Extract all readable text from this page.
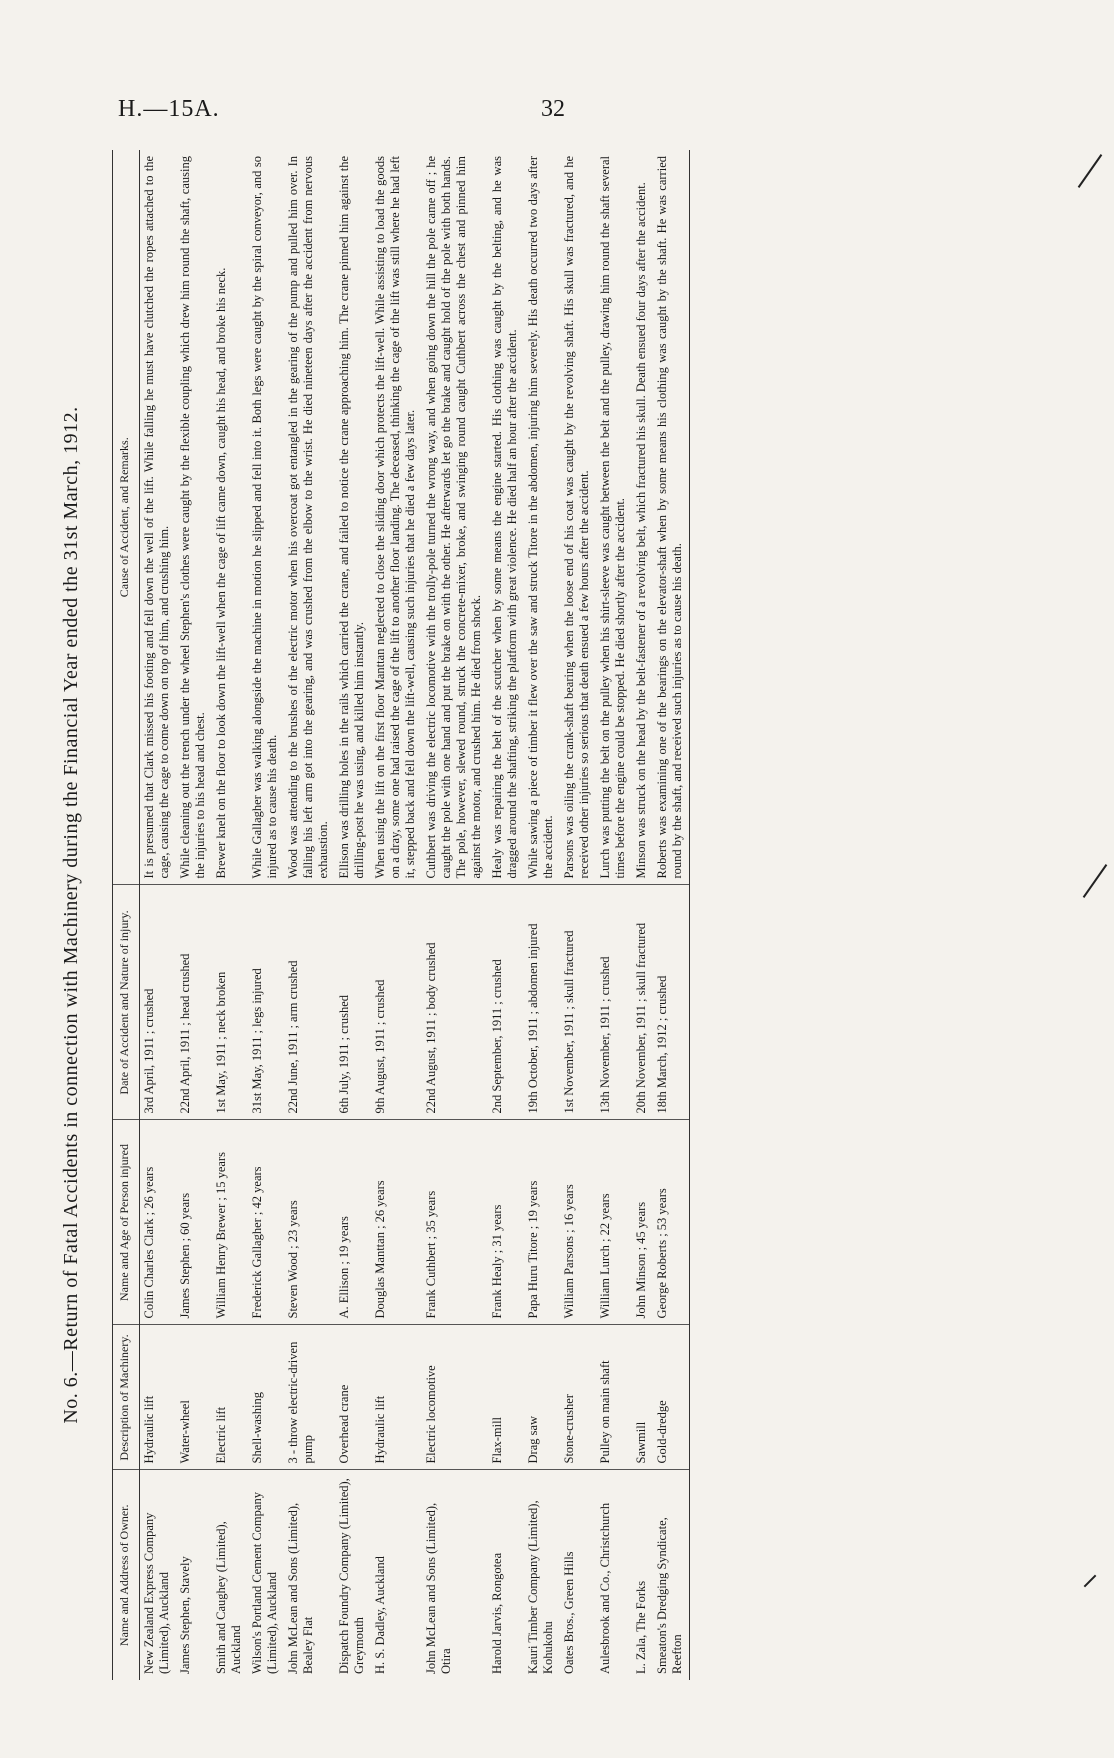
H.—15A.	32
No. 6.—Return of Fatal Accidents in connection with Machinery during the Financial Year ended the 31st March, 1912.
Name and Address of Owner.	Description of Machinery.	Name and Age of Person injured	Date of Accident and Nature of injury.	Cause of Accident, and Remarks.
New Zealand Express Company (Limited), Auckland	Hydraulic lift	Colin Charles Clark ; 26 years	3rd April, 1911 ; crushed	It is presumed that Clark missed his footing and fell down the well of the lift. While falling he must have clutched the ropes attached to the cage, causing the cage to come down on top of him, and crushing him.
James Stephen, Stavely	Water-wheel	James Stephen ; 60 years	22nd April, 1911 ; head crushed	While cleaning out the trench under the wheel Stephen's clothes were caught by the flexible coupling which drew him round the shaft, causing the injuries to his head and chest.
Smith and Caughey (Limited), Auckland	Electric lift	William Henry Brewer ; 15 years	1st May, 1911 ; neck broken	Brewer knelt on the floor to look down the lift-well when the cage of lift came down, caught his head, and broke his neck.
Wilson's Portland Cement Company (Limited), Auckland	Shell-washing	Frederick Gallagher ; 42 years	31st May, 1911 ; legs injured	While Gallagher was walking alongside the machine in motion he slipped and fell into it. Both legs were caught by the spiral conveyor, and so injured as to cause his death.
John McLean and Sons (Limited), Bealey Flat	3 - throw electric-driven pump	Steven Wood ; 23 years	22nd June, 1911 ; arm crushed	Wood was attending to the brushes of the electric motor when his overcoat got entangled in the gearing of the pump and pulled him over. In falling his left arm got into the gearing, and was crushed from the elbow to the wrist. He died nineteen days after the accident from nervous exhaustion.
Dispatch Foundry Company (Limited), Greymouth	Overhead crane	A. Ellison ; 19 years	6th July, 1911 ; crushed	Ellison was drilling holes in the rails which carried the crane, and failed to notice the crane approaching him. The crane pinned him against the drilling-post he was using, and killed him instantly.
H. S. Dadley, Auckland	Hydraulic lift	Douglas Manttan ; 26 years	9th August, 1911 ; crushed	When using the lift on the first floor Manttan neglected to close the sliding door which protects the lift-well. While assisting to load the goods on a dray, some one had raised the cage of the lift to another floor landing. The deceased, thinking the cage of the lift was still where he had left it, stepped back and fell down the lift-well, causing such injuries that he died a few days later.
John McLean and Sons (Limited), Otira	Electric locomotive	Frank Cuthbert ; 35 years	22nd August, 1911 ; body crushed	Cuthbert was driving the electric locomotive with the trolly-pole turned the wrong way, and when going down the hill the pole came off ; he caught the pole with one hand and put the brake on with the other. He afterwards let go the brake and caught hold of the pole with both hands. The pole, however, slewed round, struck the concrete-mixer, broke, and swinging round caught Cuthbert across the chest and pinned him against the motor, and crushed him. He died from shock.
Harold Jarvis, Rongotea	Flax-mill	Frank Healy ; 31 years	2nd September, 1911 ; crushed	Healy was repairing the belt of the scutcher when by some means the engine started. His clothing was caught by the belting, and he was dragged around the shafting, striking the platform with great violence. He died half an hour after the accident.
Kauri Timber Company (Limited), Kohukohu	Drag saw	Papa Huru Titore ; 19 years	19th October, 1911 ; abdomen injured	While sawing a piece of timber it flew over the saw and struck Titore in the abdomen, injuring him severely. His death occurred two days after the accident.
Oates Bros., Green Hills	Stone-crusher	William Parsons ; 16 years	1st November, 1911 ; skull fractured	Parsons was oiling the crank-shaft bearing when the loose end of his coat was caught by the revolving shaft. His skull was fractured, and he received other injuries so serious that death ensued a few hours after the accident.
Aulesbrook and Co., Christchurch	Pulley on main shaft	William Lurch ; 22 years	13th November, 1911 ; crushed	Lurch was putting the belt on the pulley when his shirt-sleeve was caught between the belt and the pulley, drawing him round the shaft several times before the engine could be stopped. He died shortly after the accident.
L. Zala, The Forks	Sawmill	John Minson ; 45 years	20th November, 1911 ; skull fractured	Minson was struck on the head by the belt-fastener of a revolving belt, which fractured his skull. Death ensued four days after the accident.
Smeaton's Dredging Syndicate, Reefton	Gold-dredge	George Roberts ; 53 years	18th March, 1912 ; crushed	Roberts was examining one of the bearings on the elevator-shaft when by some means his clothing was caught by the shaft. He was carried round by the shaft, and received such injuries as to cause his death.
